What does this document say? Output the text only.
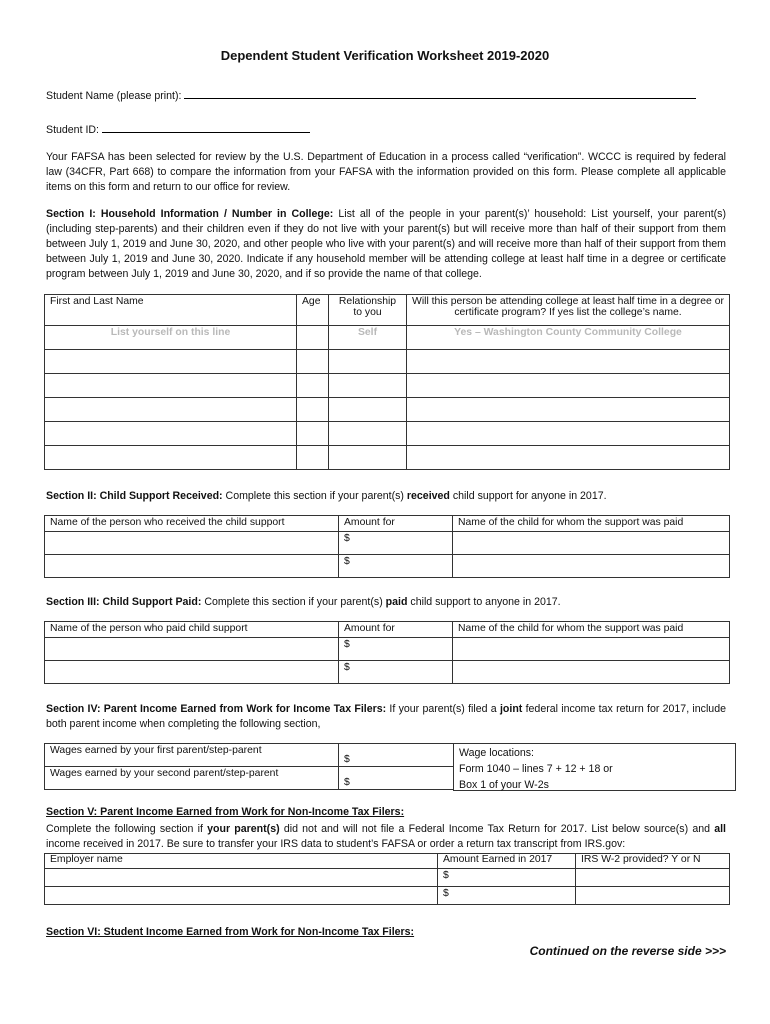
Dependent Student Verification Worksheet 2019-2020
Student Name (please print):
Student ID:

Your FAFSA has been selected for review by the U.S. Department of Education in a process called “verification”. WCCC is required by federal law (34CFR, Part 668) to compare the information from your FAFSA with the information provided on this form. Please complete all applicable items on this form and return to our office for review.

Section I: Household Information / Number in College: List all of the people in your parent(s)’ household: List yourself, your parent(s) (including step-parents) and their children even if they do not live with your parent(s) but will receive more than half of their support from them between July 1, 2019 and June 30, 2020, and other people who live with your parent(s) and will receive more than half of their support from them between July 1, 2019 and June 30, 2020. Indicate if any household member will be attending college at least half time in a degree or certificate program between July 1, 2019 and June 30, 2020, and if so provide the name of that college.

First and Last Name	Age	Relationship to you	Will this person be attending college at least half time in a degree or certificate program? If yes list the college’s name.
List yourself on this line		Self	Yes – Washington County Community College

Section II: Child Support Received: Complete this section if your parent(s) received child support for anyone in 2017.

Name of the person who received the child support	Amount for	Name of the child for whom the support was paid
	$	
	$	

Section III: Child Support Paid: Complete this section if your parent(s) paid child support to anyone in 2017.

Name of the person who paid child support	Amount for	Name of the child for whom the support was paid
	$	
	$	

Section IV: Parent Income Earned from Work for Income Tax Filers: If your parent(s) filed a joint federal income tax return for 2017, include both parent income when completing the following section,

Wages earned by your first parent/step-parent	$
Wages earned by your second parent/step-parent	$
Wage locations:
Form 1040 – lines 7 + 12 + 18 or
Box 1 of your W-2s
Section V: Parent Income Earned from Work for Non-Income Tax Filers:

Complete the following section if your parent(s) did not and will not file a Federal Income Tax Return for 2017. List below source(s) and all income received in 2017. Be sure to transfer your IRS data to student’s FAFSA or order a return tax transcript from IRS.gov:

Employer name	Amount Earned in 2017	IRS W-2 provided? Y or N
	$	
	$	
Section VI: Student Income Earned from Work for Non-Income Tax Filers:
Continued on the reverse side >>>
